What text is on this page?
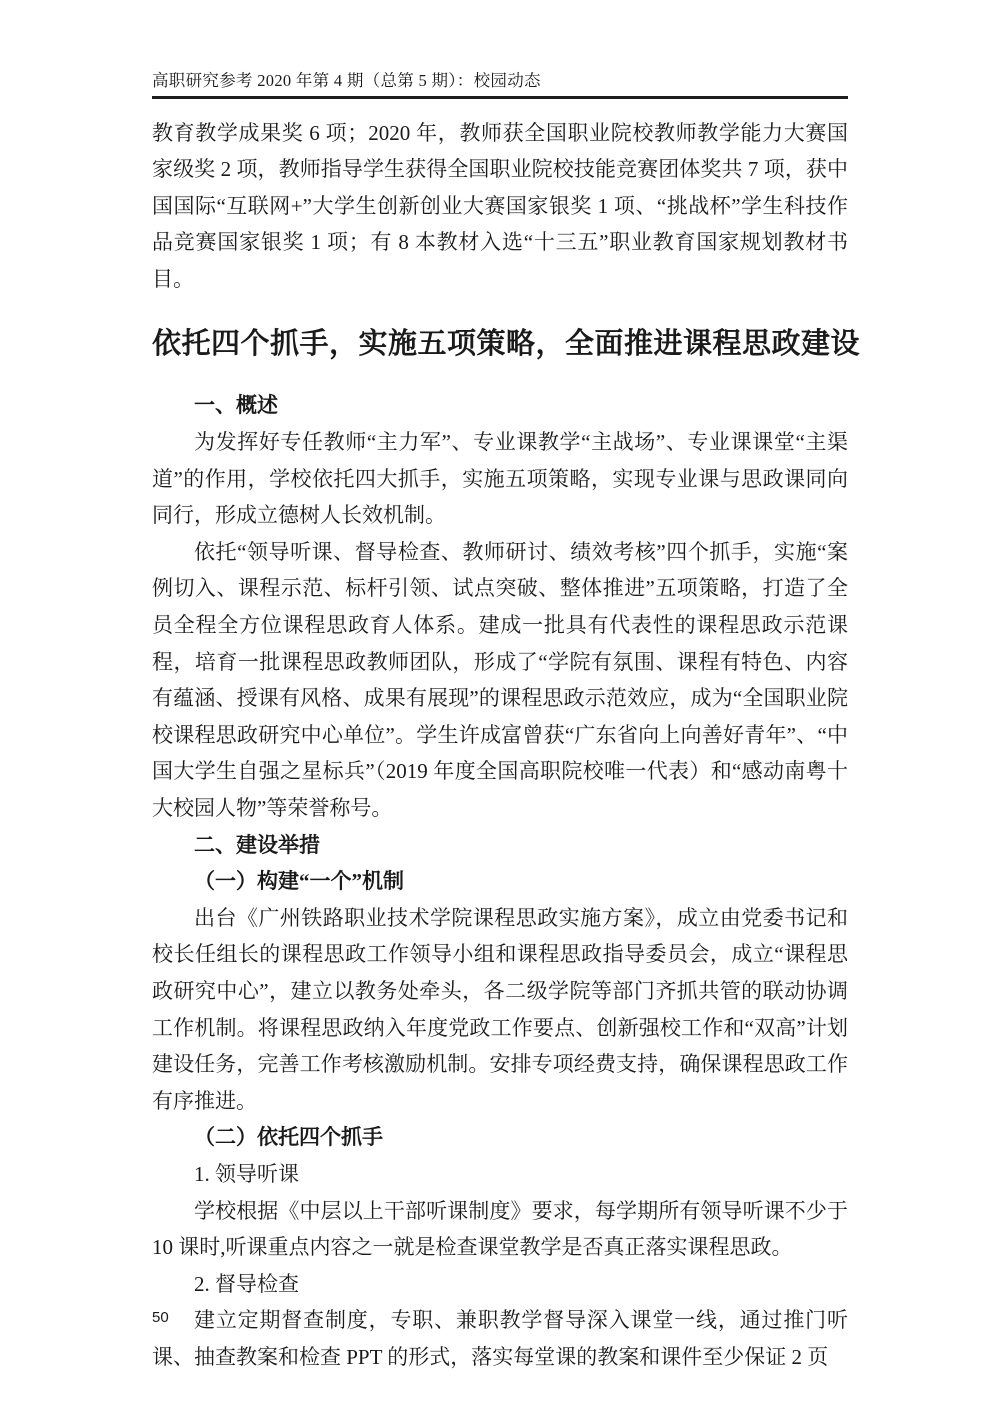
高职研究参考 2020 年第 4 期（总第 5 期）：校园动态

教育教学成果奖 6 项；2020 年，教师获全国职业院校教师教学能力大赛国家级奖 2 项，教师指导学生获得全国职业院校技能竞赛团体奖共 7 项，获中国国际“互联网+”大学生创新创业大赛国家银奖 1 项、“挑战杯”学生科技作品竞赛国家银奖 1 项；有 8 本教材入选“十三五”职业教育国家规划教材书目。

依托四个抓手，实施五项策略，全面推进课程思政建设
一、概述

为发挥好专任教师“主力军”、专业课教学“主战场”、专业课课堂“主渠道”的作用，学校依托四大抓手，实施五项策略，实现专业课与思政课同向同行，形成立德树人长效机制。

依托“领导听课、督导检查、教师研讨、绩效考核”四个抓手，实施“案例切入、课程示范、标杆引领、试点突破、整体推进”五项策略，打造了全员全程全方位课程思政育人体系。建成一批具有代表性的课程思政示范课程，培育一批课程思政教师团队，形成了“学院有氛围、课程有特色、内容有蕴涵、授课有风格、成果有展现”的课程思政示范效应，成为“全国职业院校课程思政研究中心单位”。学生许成富曾获“广东省向上向善好青年”、“中国大学生自强之星标兵”（2019 年度全国高职院校唯一代表）和“感动南粤十大校园人物”等荣誉称号。

二、建设举措
（一）构建“一个”机制

出台《广州铁路职业技术学院课程思政实施方案》，成立由党委书记和校长任组长的课程思政工作领导小组和课程思政指导委员会，成立“课程思政研究中心”，建立以教务处牵头，各二级学院等部门齐抓共管的联动协调工作机制。将课程思政纳入年度党政工作要点、创新强校工作和“双高”计划建设任务，完善工作考核激励机制。安排专项经费支持，确保课程思政工作有序推进。

（二）依托四个抓手
1. 领导听课

学校根据《中层以上干部听课制度》要求，每学期所有领导听课不少于 10 课时,听课重点内容之一就是检查课堂教学是否真正落实课程思政。

2. 督导检查

建立定期督查制度，专职、兼职教学督导深入课堂一线，通过推门听课、抽查教案和检查 PPT 的形式，落实每堂课的教案和课件至少保证 2 页

50
